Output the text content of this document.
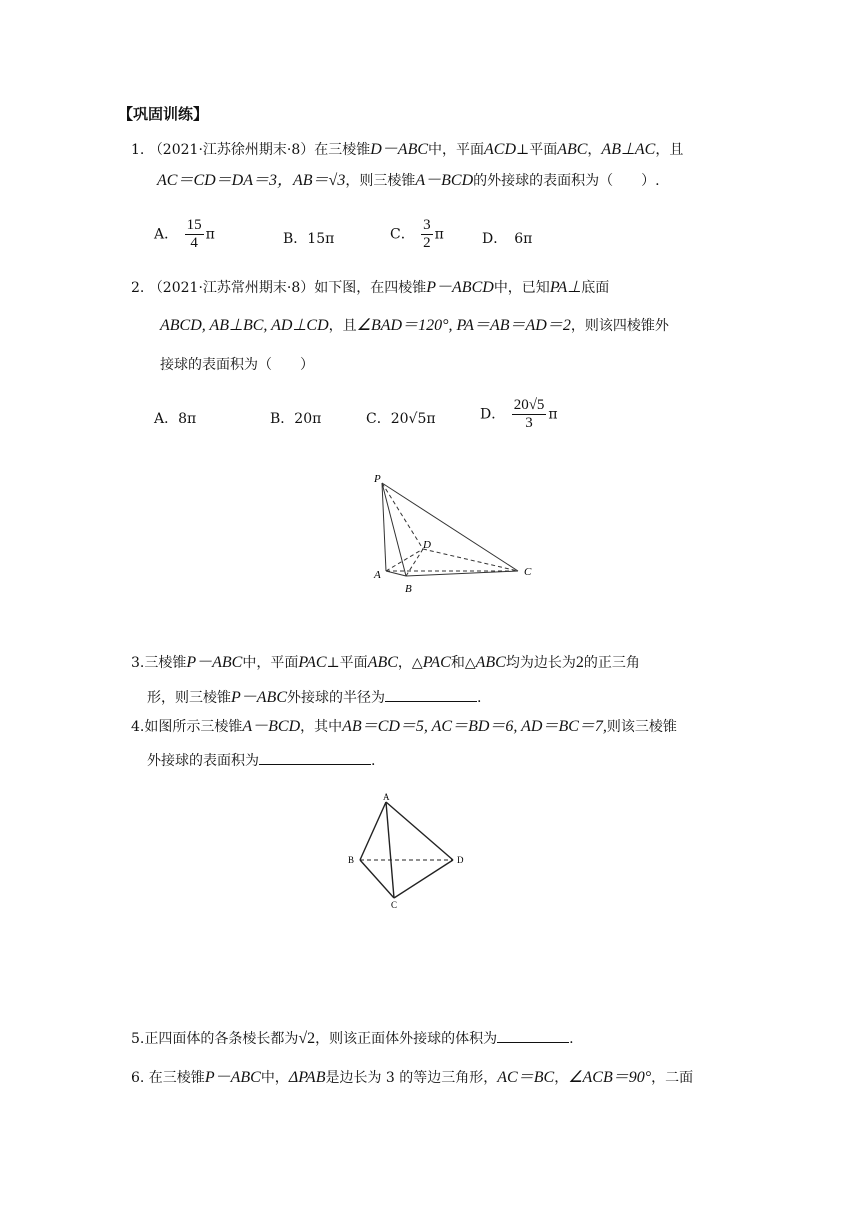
【巩固训练】
1. （2021·江苏徐州期末·8）在三棱锥D－ABC中，平面ACD⊥平面ABC，AB⊥AC，且
AC＝CD＝DA＝3，AB＝√3，则三棱锥A－BCD的外接球的表面积为（　　）.
A． $\frac{15}{4}$ π	B．15π	C． $\frac{3}{2}$ π	D．　6π
2. （2021·江苏常州期末·8）如下图，在四棱锥P－ABCD中，已知PA⊥底面
ABCD, AB⊥BC, AD⊥CD，且∠BAD＝120°, PA＝AB＝AD＝2，则该四棱锥外
接球的表面积为（　　）
A．8π	B．20π	C．20√5π	D． $\frac{20√5}{3}$ π
P
D
A
B
C
3.三棱锥P－ABC中，平面PAC⊥平面ABC，△PAC和△ABC均为边长为2的正三角
形，则三棱锥P－ABC外接球的半径为	.
4.如图所示三棱锥A－BCD，其中AB＝CD＝5, AC＝BD＝6, AD＝BC＝7,则该三棱锥
外接球的表面积为	.
A
B
C
D
5.正四面体的各条棱长都为√2，则该正面体外接球的体积为	.
6. 在三棱锥P－ABC中，ΔPAB是边长为 3 的等边三角形，AC＝BC，∠ACB＝90°，二面
